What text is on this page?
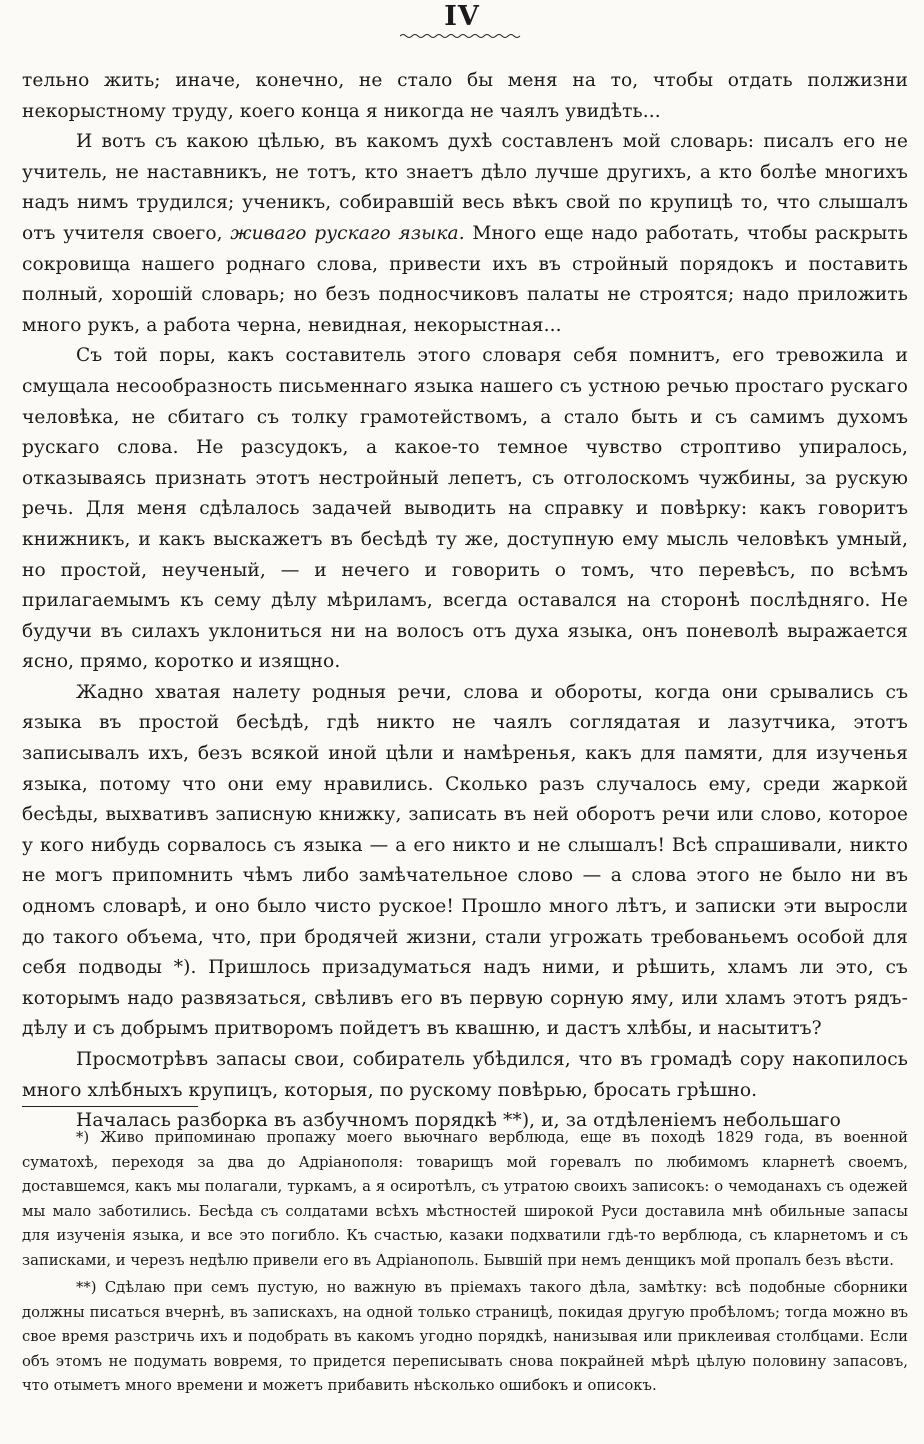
IV

тельно жить; иначе, конечно, не стало бы меня на то, чтобы отдать полжизни некорыстному труду, коего конца я никогда не чаялъ увидѣть...

И вотъ съ какою цѣлью, въ какомъ духѣ составленъ мой словарь: писалъ его не учитель, не наставникъ, не тотъ, кто знаетъ дѣло лучше другихъ, а кто болѣе многихъ надъ нимъ трудился; ученикъ, собиравшій весь вѣкъ свой по крупицѣ то, что слышалъ отъ учителя своего, живаго рускаго языка. Много еще надо работать, чтобы раскрыть сокровища нашего роднаго слова, привести ихъ въ стройный порядокъ и поставить полный, хорошій словарь; но безъ подносчиковъ палаты не строятся; надо приложить много рукъ, а работа черна, невидная, некорыстная...

Съ той поры, какъ составитель этого словаря себя помнитъ, его тревожила и смущала несообразность письменнаго языка нашего съ устною речью простаго рускаго человѣка, не сбитаго съ толку грамотействомъ, а стало быть и съ самимъ духомъ рускаго слова. Не разсудокъ, а какое-то темное чувство строптиво упиралось, отказываясь признать этотъ нестройный лепетъ, съ отголоскомъ чужбины, за рускую речь. Для меня сдѣлалось задачей выводить на справку и повѣрку: какъ говоритъ книжникъ, и какъ выскажетъ въ бесѣдѣ ту же, доступную ему мысль человѣкъ умный, но простой, неученый, — и нечего и говорить о томъ, что перевѣсъ, по всѣмъ прилагаемымъ къ сему дѣлу мѣриламъ, всегда оставался на сторонѣ послѣдняго. Не будучи въ силахъ уклониться ни на волосъ отъ духа языка, онъ поневолѣ выражается ясно, прямо, коротко и изящно.

Жадно хватая налету родныя речи, слова и обороты, когда они срывались съ языка въ простой бесѣдѣ, гдѣ никто не чаялъ соглядатая и лазутчика, этотъ записывалъ ихъ, безъ всякой иной цѣли и намѣренья, какъ для памяти, для изученья языка, потому что они ему нравились. Сколько разъ случалось ему, среди жаркой бесѣды, выхвативъ записную книжку, записать въ ней оборотъ речи или слово, которое у кого нибудь сорвалось съ языка — а его никто и не слышалъ! Всѣ спрашивали, никто не могъ припомнить чѣмъ либо замѣчательное слово — а слова этого не было ни въ одномъ словарѣ, и оно было чисто руское! Прошло много лѣтъ, и записки эти выросли до такого объема, что, при бродячей жизни, стали угрожать требованьемъ особой для себя подводы *). Пришлось призадуматься надъ ними, и рѣшить, хламъ ли это, съ которымъ надо развязаться, свѣливъ его въ первую сорную яму, или хламъ этотъ рядъ-дѣлу и съ добрымъ притворомъ пойдетъ въ квашню, и дастъ хлѣбы, и насытитъ?

Просмотрѣвъ запасы свои, собиратель убѣдился, что въ громадѣ сору накопилось много хлѣбныхъ крупицъ, которыя, по рускому повѣрью, бросать грѣшно.

Началась разборка въ азбучномъ порядкѣ **), и, за отдѣленіемъ небольшаго

*) Живо припоминаю пропажу моего вьючнаго верблюда, еще въ походѣ 1829 года, въ военной суматохѣ, переходя за два до Адріанополя: товарищъ мой горевалъ по любимомъ кларнетѣ своемъ, доставшемся, какъ мы полагали, туркамъ, а я осиротѣлъ, съ утратою своихъ записокъ: о чемоданахъ съ одежей мы мало заботились. Бесѣда съ солдатами всѣхъ мѣстностей широкой Руси доставила мнѣ обильные запасы для изученія языка, и все это погибло. Къ счастью, казаки подхватили гдѣ-то верблюда, съ кларнетомъ и съ записками, и черезъ недѣлю привели его въ Адріанополь. Бывшій при немъ денщикъ мой пропалъ безъ вѣсти.

**) Сдѣлаю при семъ пустую, но важную въ пріемахъ такого дѣла, замѣтку: всѣ подобные сборники должны писаться вчернѣ, въ запискахъ, на одной только страницѣ, покидая другую пробѣломъ; тогда можно въ свое время разстричь ихъ и подобрать въ какомъ угодно порядкѣ, нанизывая или приклеивая столбцами. Если объ этомъ не подумать вовремя, то придется переписывать снова покрайней мѣрѣ цѣлую половину запасовъ, что отыметъ много времени и можетъ прибавить нѣсколько ошибокъ и описокъ.
